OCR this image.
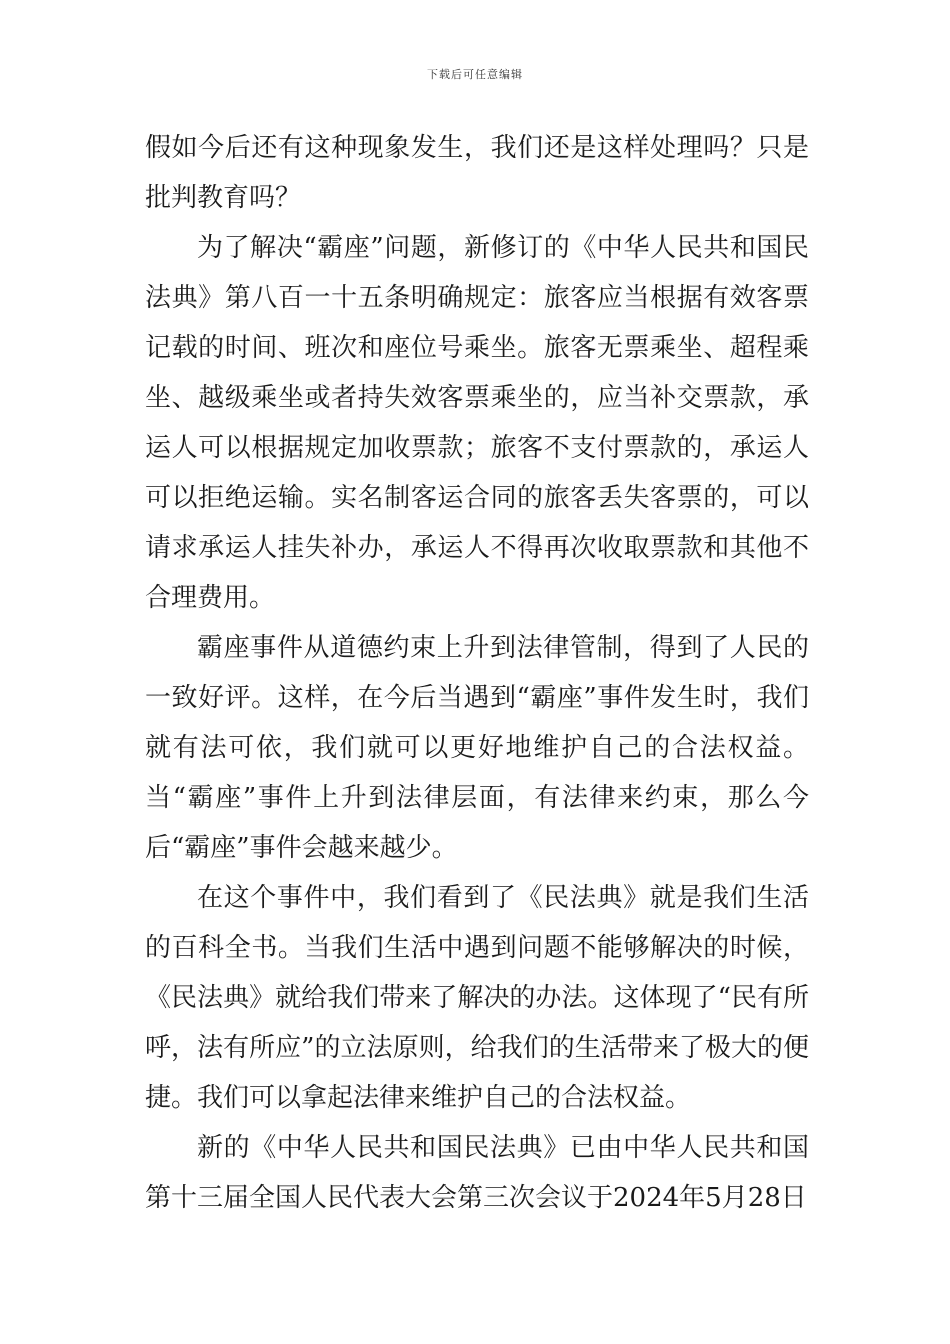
下载后可任意编辑

假如今后还有这种现象发生，我们还是这样处理吗？只是批判教育吗？

为了解决“霸座”问题，新修订的《中华人民共和国民法典》第八百一十五条明确规定：旅客应当根据有效客票记载的时间、班次和座位号乘坐。旅客无票乘坐、超程乘坐、越级乘坐或者持失效客票乘坐的，应当补交票款，承运人可以根据规定加收票款；旅客不支付票款的，承运人可以拒绝运输。实名制客运合同的旅客丢失客票的，可以请求承运人挂失补办，承运人不得再次收取票款和其他不合理费用。

霸座事件从道德约束上升到法律管制，得到了人民的一致好评。这样，在今后当遇到“霸座”事件发生时，我们就有法可依，我们就可以更好地维护自己的合法权益。当“霸座”事件上升到法律层面，有法律来约束，那么今后“霸座”事件会越来越少。

在这个事件中，我们看到了《民法典》就是我们生活的百科全书。当我们生活中遇到问题不能够解决的时候，《民法典》就给我们带来了解决的办法。这体现了“民有所呼，法有所应”的立法原则，给我们的生活带来了极大的便捷。我们可以拿起法律来维护自己的合法权益。

新的《中华人民共和国民法典》已由中华人民共和国第十三届全国人民代表大会第三次会议于2024年5月28日
